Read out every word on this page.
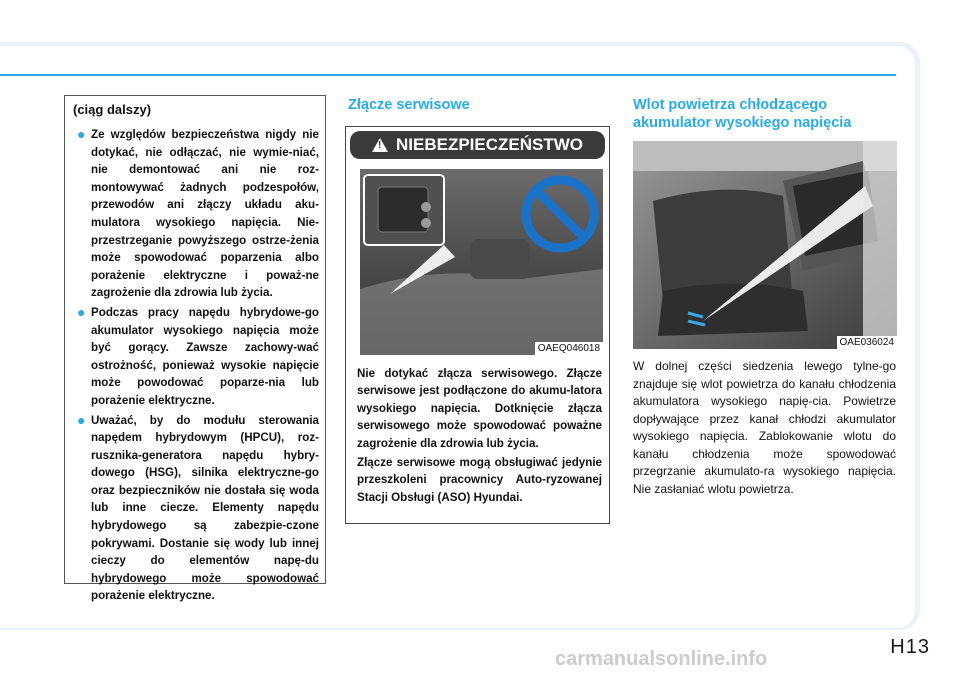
(ciąg dalszy)
● Ze względów bezpieczeństwa nigdy nie dotykać, nie odłączać, nie wymie-niać, nie demontować ani nie roz-montowywać żadnych podzespołów, przewodów ani złączy układu aku-mulatora wysokiego napięcia. Nie-przestrzeganie powyższego ostrze-żenia może spowodować poparzenia albo porażenie elektryczne i poważ-ne zagrożenie dla zdrowia lub życia.
● Podczas pracy napędu hybrydowe-go akumulator wysokiego napięcia może być gorący. Zawsze zachowy-wać ostrożność, ponieważ wysokie napięcie może powodować poparze-nia lub porażenie elektryczne.
● Uważać, by do modułu sterowania napędem hybrydowym (HPCU), roz-rusznika-generatora napędu hybry-dowego (HSG), silnika elektryczne-go oraz bezpieczników nie dostała się woda lub inne ciecze. Elementy napędu hybrydowego są zabezpie-czone pokrywami. Dostanie się wody lub innej cieczy do elementów napę-du hybrydowego może spowodować porażenie elektryczne.
Złącze serwisowe
! NIEBEZPIECZEŃSTWO
OAEQ046018

Nie dotykać złącza serwisowego. Złącze serwisowe jest podłączone do akumu-latora wysokiego napięcia. Dotknięcie złącza serwisowego może spowodować poważne zagrożenie dla zdrowia lub życia.

Złącze serwisowe mogą obsługiwać jedynie przeszkoleni pracownicy Auto-ryzowanej Stacji Obsługi (ASO) Hyundai.

Wlot powietrza chłodzącego
akumulator wysokiego napięcia
OAE036024

W dolnej części siedzenia lewego tylne-go znajduje się wlot powietrza do kanału chłodzenia akumulatora wysokiego napię-cia. Powietrze dopływające przez kanał chłodzi akumulator wysokiego napięcia. Zablokowanie wlotu do kanału chłodzenia może spowodować przegrzanie akumulato-ra wysokiego napięcia. Nie zasłaniać wlotu powietrza.

H13
carmanualsonline.info
